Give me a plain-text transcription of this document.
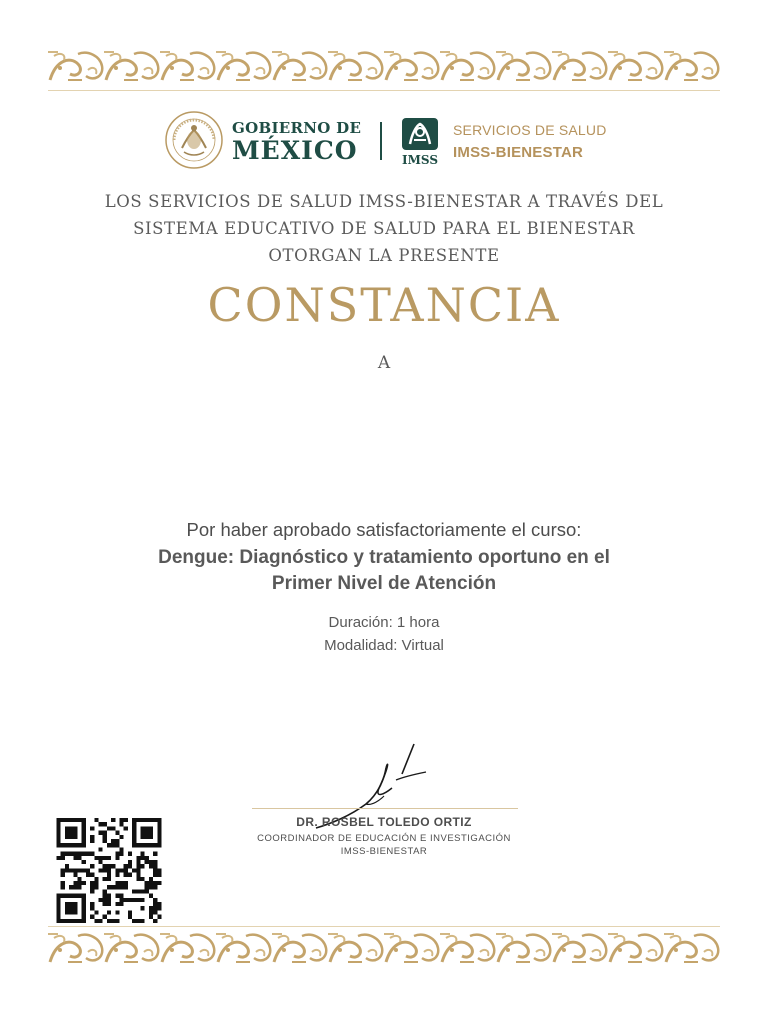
GOBIERNO DE
MÉXICO	IMSS
SERVICIOS DE SALUD
IMSS-BIENESTAR
LOS SERVICIOS DE SALUD IMSS-BIENESTAR A TRAVÉS DEL
SISTEMA EDUCATIVO DE SALUD PARA EL BIENESTAR
OTORGAN LA PRESENTE
CONSTANCIA
A
Por haber aprobado satisfactoriamente el curso:
Dengue: Diagnóstico y tratamiento oportuno en el
Primer Nivel de Atención
Duración: 1 hora
Modalidad: Virtual
DR. ROSBEL TOLEDO ORTIZ
COORDINADOR DE EDUCACIÓN E INVESTIGACIÓN
IMSS-BIENESTAR
